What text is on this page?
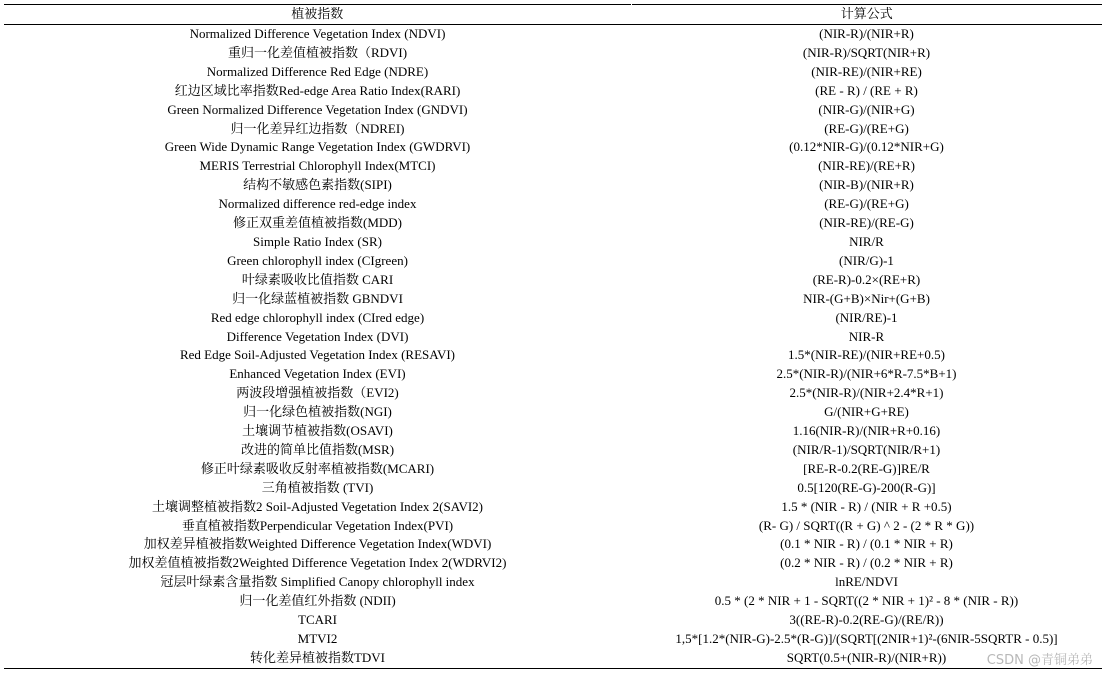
植被指数	计算公式
Normalized Difference Vegetation Index (NDVI)	(NIR-R)/(NIR+R)
重归一化差值植被指数（RDVI)	(NIR-R)/SQRT(NIR+R)
Normalized Difference Red Edge (NDRE)	(NIR-RE)/(NIR+RE)
红边区域比率指数Red-edge Area Ratio Index(RARI)	(RE - R) / (RE + R)
Green Normalized Difference Vegetation Index (GNDVI)	(NIR-G)/(NIR+G)
归一化差异红边指数（NDREI)	(RE-G)/(RE+G)
Green Wide Dynamic Range Vegetation Index (GWDRVI)	(0.12*NIR-G)/(0.12*NIR+G)
MERIS Terrestrial Chlorophyll Index(MTCI)	(NIR-RE)/(RE+R)
结构不敏感色素指数(SIPI)	(NIR-B)/(NIR+R)
Normalized difference red-edge index	(RE-G)/(RE+G)
修正双重差值植被指数(MDD)	(NIR-RE)/(RE-G)
Simple Ratio Index (SR)	NIR/R
Green chlorophyll index (CIgreen)	(NIR/G)-1
叶绿素吸收比值指数 CARI	(RE-R)-0.2×(RE+R)
归一化绿蓝植被指数 GBNDVI	NIR-(G+B)×Nir+(G+B)
Red edge chlorophyll index (CIred edge)	(NIR/RE)-1
Difference Vegetation Index (DVI)	NIR-R
Red Edge Soil-Adjusted Vegetation Index (RESAVI)	1.5*(NIR-RE)/(NIR+RE+0.5)
Enhanced Vegetation Index (EVI)	2.5*(NIR-R)/(NIR+6*R-7.5*B+1)
两波段增强植被指数（EVI2)	2.5*(NIR-R)/(NIR+2.4*R+1)
归一化绿色植被指数(NGI)	G/(NIR+G+RE)
土壤调节植被指数(OSAVI)	1.16(NIR-R)/(NIR+R+0.16)
改进的简单比值指数(MSR)	(NIR/R-1)/SQRT(NIR/R+1)
修正叶绿素吸收反射率植被指数(MCARI)	[RE-R-0.2(RE-G)]RE/R
三角植被指数 (TVI)	0.5[120(RE-G)-200(R-G)]
土壤调整植被指数2 Soil-Adjusted Vegetation Index 2(SAVI2)	1.5 * (NIR - R) / (NIR + R +0.5)
垂直植被指数Perpendicular Vegetation Index(PVI)	(R- G) / SQRT((R + G) ^ 2 - (2 * R * G))
加权差异植被指数Weighted Difference Vegetation Index(WDVI)	(0.1 * NIR - R) / (0.1 * NIR + R)
加权差值植被指数2Weighted Difference Vegetation Index 2(WDRVI2)	(0.2 * NIR - R) / (0.2 * NIR + R)
冠层叶绿素含量指数 Simplified Canopy chlorophyll index	lnRE/NDVI
归一化差值红外指数 (NDII)	0.5 * (2 * NIR + 1 - SQRT((2 * NIR + 1)² - 8 * (NIR - R))
TCARI	3((RE-R)-0.2(RE-G)/(RE/R))
MTVI2	1,5*[1.2*(NIR-G)-2.5*(R-G)]/(SQRT[(2NIR+1)²-(6NIR-5SQRTR - 0.5)]
转化差异植被指数TDVI	SQRT(0.5+(NIR-R)/(NIR+R))	CSDN @青铜弟弟
